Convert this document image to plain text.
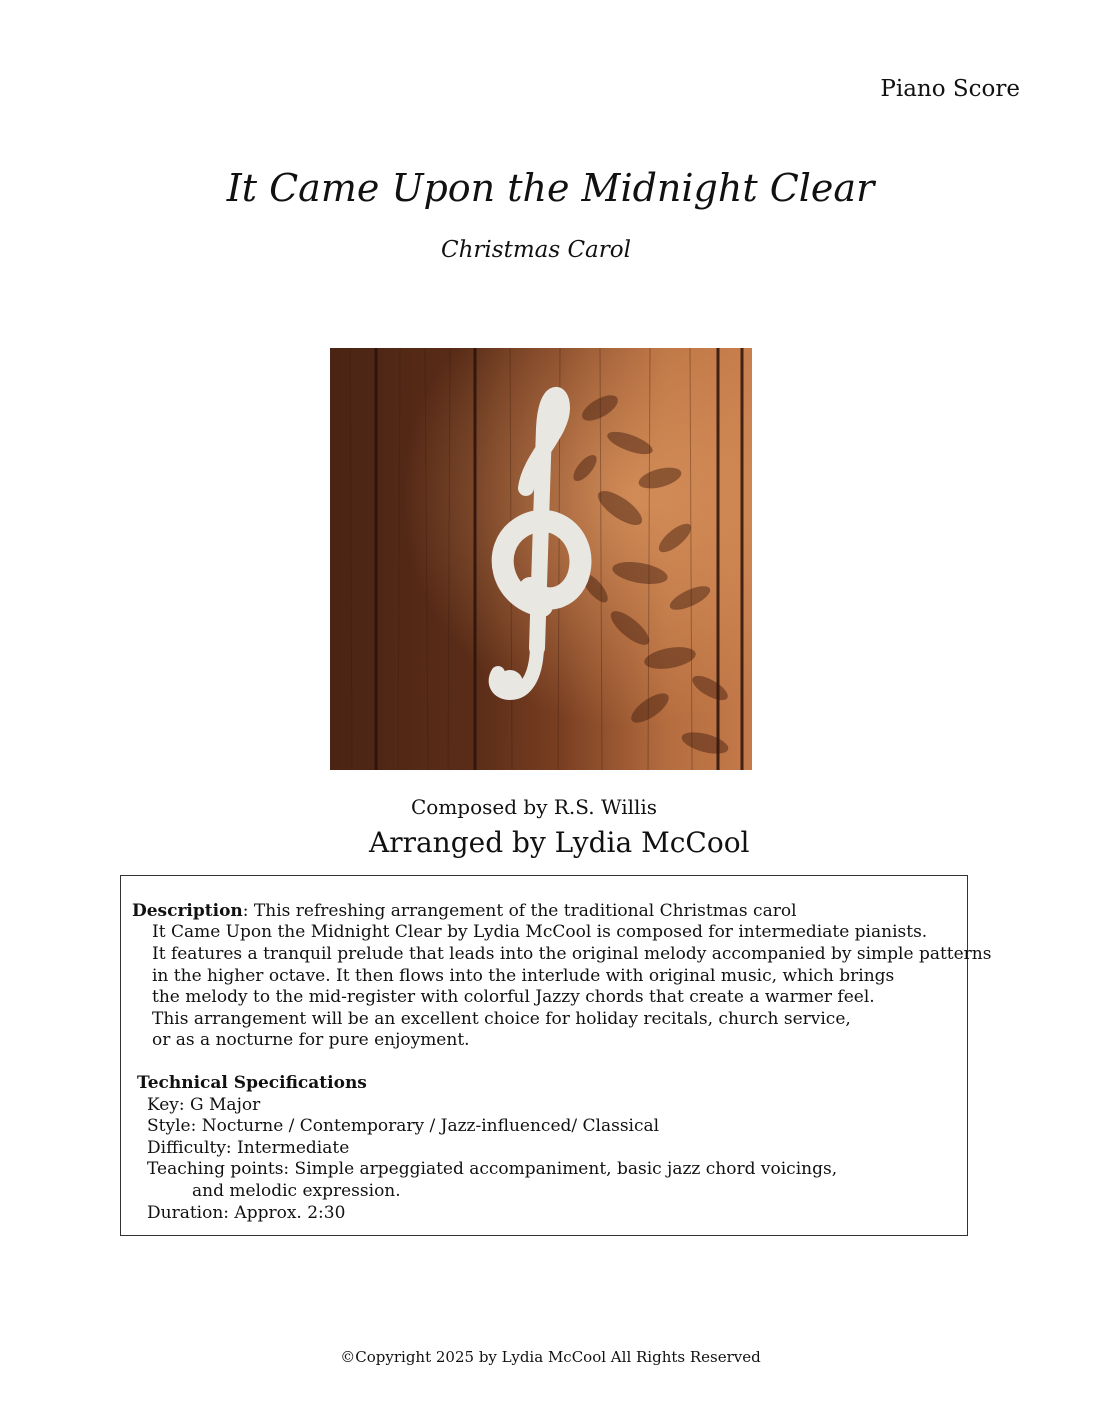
Piano Score
It Came Upon the Midnight Clear
Christmas Carol
Composed by R.S. Willis
Arranged by Lydia McCool
Description: This refreshing arrangement of the traditional Christmas carol
It Came Upon the Midnight Clear by Lydia McCool is composed for intermediate pianists.
It features a tranquil prelude that leads into the original melody accompanied by simple patterns
in the higher octave. It then flows into the interlude with original music, which brings
the melody to the mid-register with colorful Jazzy chords that create a warmer feel.
This arrangement will be an excellent choice for holiday recitals, church service,
or as a nocturne for pure enjoyment.
Technical Specifications
Key: G Major
Style: Nocturne / Contemporary / Jazz-influenced/ Classical
Difficulty: Intermediate
Teaching points: Simple arpeggiated accompaniment, basic jazz chord voicings,
and melodic expression.
Duration: Approx. 2:30
©Copyright 2025 by Lydia McCool All Rights Reserved
